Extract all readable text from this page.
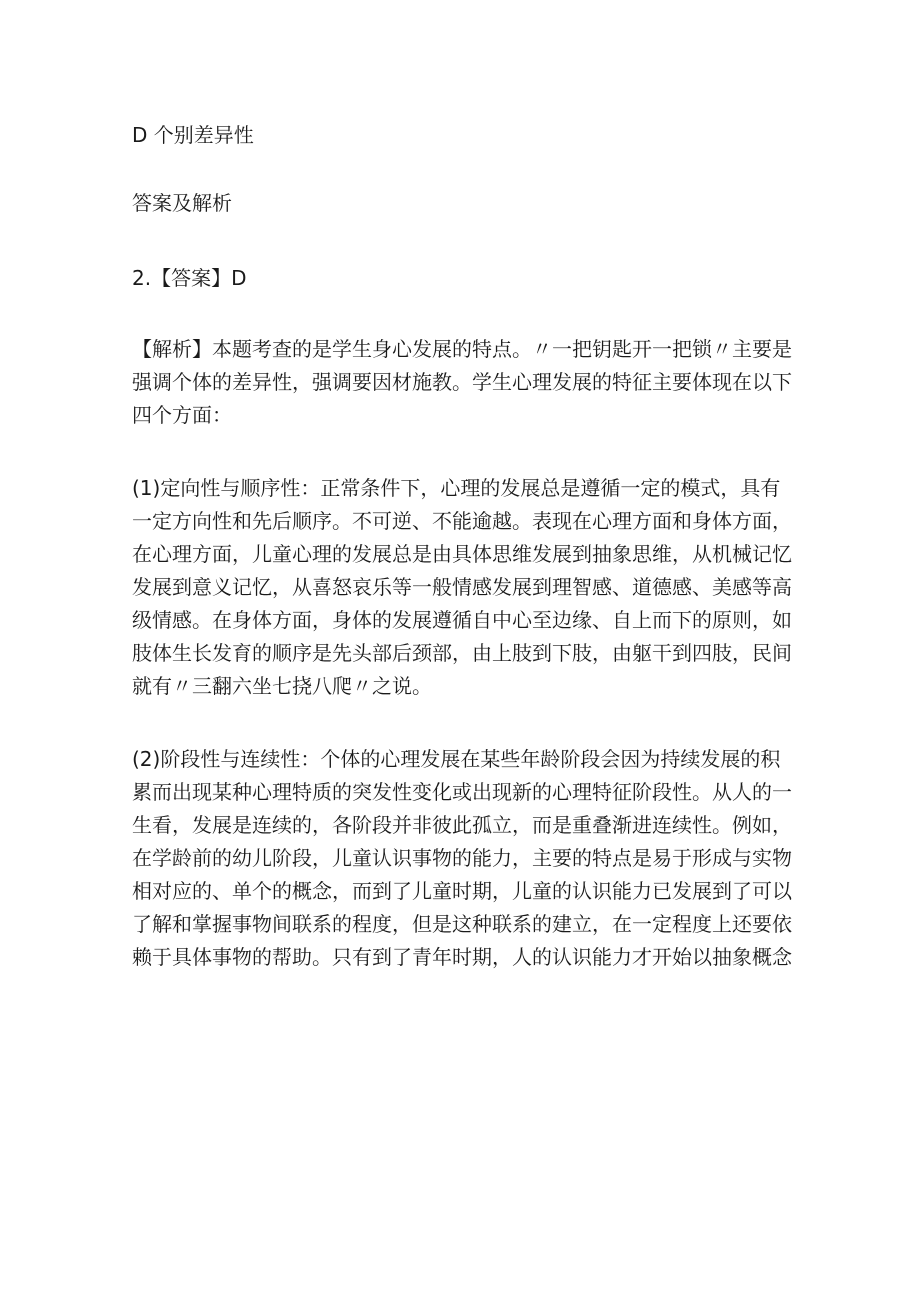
D 个别差异性

答案及解析

2.【答案】D

【解析】本题考查的是学生身心发展的特点。〃一把钥匙开一把锁〃主要是

强调个体的差异性，强调要因材施教。学生心理发展的特征主要体现在以下

四个方面：

(1)定向性与顺序性：正常条件下，心理的发展总是遵循一定的模式，具有

一定方向性和先后顺序。不可逆、不能逾越。表现在心理方面和身体方面，

在心理方面，儿童心理的发展总是由具体思维发展到抽象思维，从机械记忆

发展到意义记忆，从喜怒哀乐等一般情感发展到理智感、道德感、美感等高

级情感。在身体方面，身体的发展遵循自中心至边缘、自上而下的原则，如

肢体生长发育的顺序是先头部后颈部，由上肢到下肢，由躯干到四肢，民间

就有〃三翻六坐七挠八爬〃之说。

(2)阶段性与连续性：个体的心理发展在某些年龄阶段会因为持续发展的积

累而出现某种心理特质的突发性变化或出现新的心理特征阶段性。从人的一

生看，发展是连续的，各阶段并非彼此孤立，而是重叠渐进连续性。例如，

在学龄前的幼儿阶段，儿童认识事物的能力，主要的特点是易于形成与实物

相对应的、单个的概念，而到了儿童时期，儿童的认识能力已发展到了可以

了解和掌握事物间联系的程度，但是这种联系的建立，在一定程度上还要依

赖于具体事物的帮助。只有到了青年时期，人的认识能力才开始以抽象概念
